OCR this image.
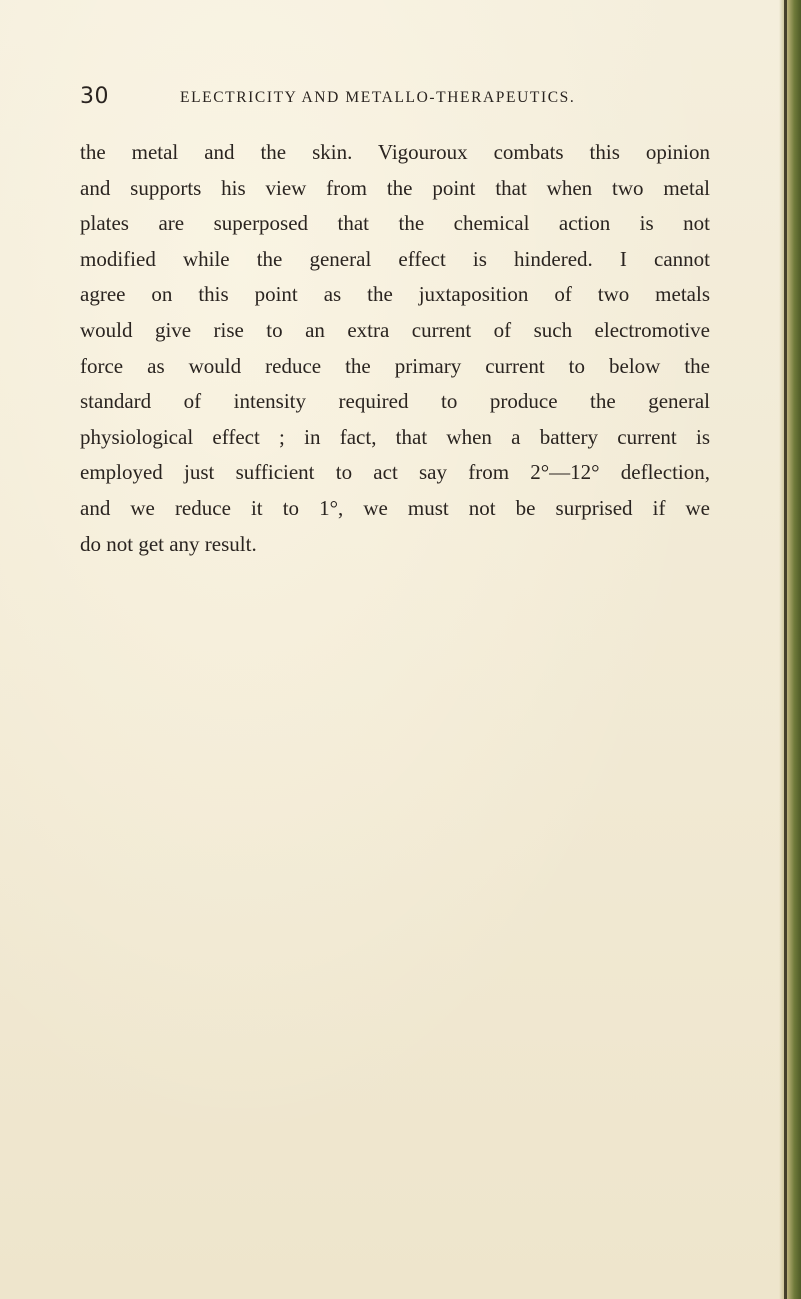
30	ELECTRICITY AND METALLO-THERAPEUTICS.
the metal and the skin. Vigouroux combats this opinion
and supports his view from the point that when two metal
plates are superposed that the chemical action is not
modified while the general effect is hindered. I cannot
agree on this point as the juxtaposition of two metals
would give rise to an extra current of such electromotive
force as would reduce the primary current to below the
standard of intensity required to produce the general
physiological effect ; in fact, that when a battery current is
employed just sufficient to act say from 2°—12° deflection,
and we reduce it to 1°, we must not be surprised if we
do not get any result.
